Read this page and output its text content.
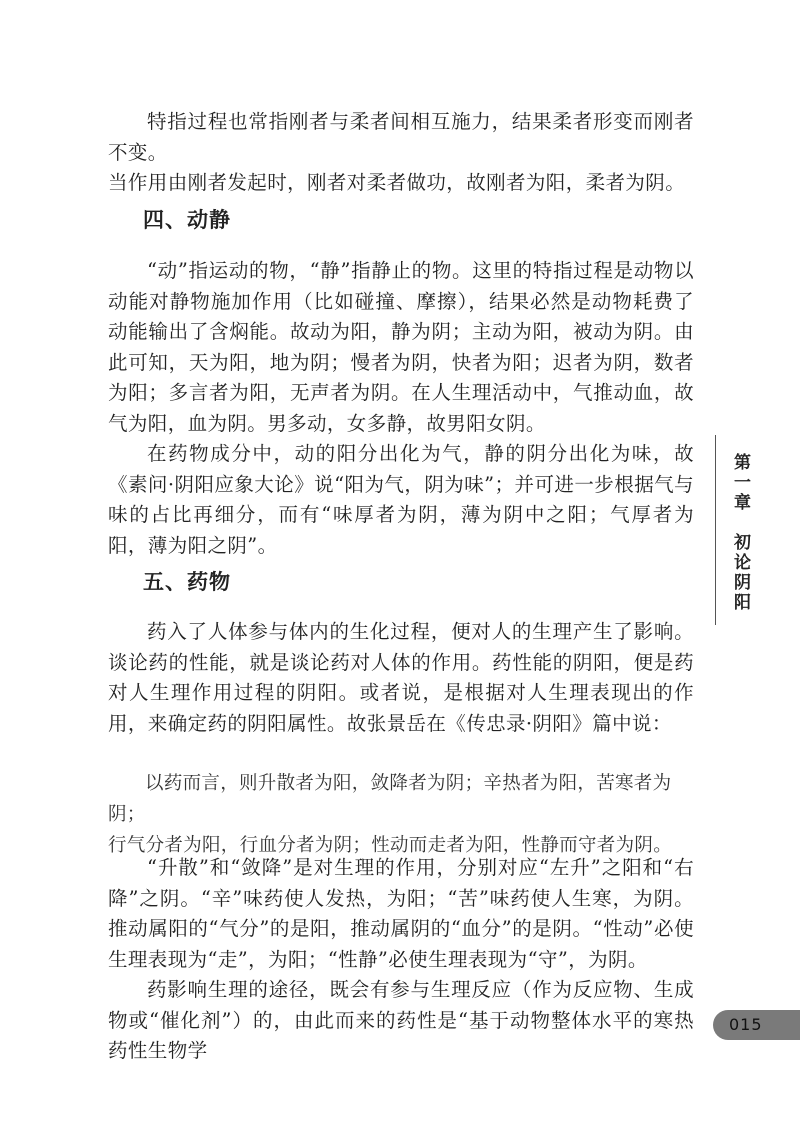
特指过程也常指刚者与柔者间相互施力，结果柔者形变而刚者不变。

当作用由刚者发起时，刚者对柔者做功，故刚者为阳，柔者为阴。
四、动静

“动”指运动的物，“静”指静止的物。这里的特指过程是动物以动能对静物施加作用（比如碰撞、摩擦），结果必然是动物耗费了动能输出了含焖能。故动为阳，静为阴；主动为阳，被动为阴。由此可知，天为阳，地为阴；慢者为阴，快者为阳；迟者为阴，数者为阳；多言者为阳，无声者为阴。在人生理活动中，气推动血，故气为阳，血为阴。男多动，女多静，故男阳女阴。

在药物成分中，动的阳分出化为气，静的阴分出化为味，故《素问·阴阳应象大论》说“阳为气，阴为味”；并可进一步根据气与味的占比再细分，而有“味厚者为阴，薄为阴中之阳；气厚者为阳，薄为阳之阴”。

五、药物

药入了人体参与体内的生化过程，便对人的生理产生了影响。谈论药的性能，就是谈论药对人体的作用。药性能的阴阳，便是药对人生理作用过程的阴阳。或者说，是根据对人生理表现出的作用，来确定药的阴阳属性。故张景岳在《传忠录·阴阳》篇中说：

以药而言，则升散者为阳，敛降者为阴；辛热者为阳，苦寒者为阴；
行气分者为阳，行血分者为阴；性动而走者为阳，性静而守者为阴。

“升散”和“敛降”是对生理的作用，分别对应“左升”之阳和“右降”之阴。“辛”味药使人发热，为阳；“苦”味药使人生寒，为阴。推动属阳的“气分”的是阳，推动属阴的“血分”的是阴。“性动”必使生理表现为“走”，为阳；“性静”必使生理表现为“守”，为阴。

药影响生理的途径，既会有参与生理反应（作为反应物、生成物或“催化剂”）的，由此而来的药性是“基于动物整体水平的寒热药性生物学

第一章　初论阴阳
015
